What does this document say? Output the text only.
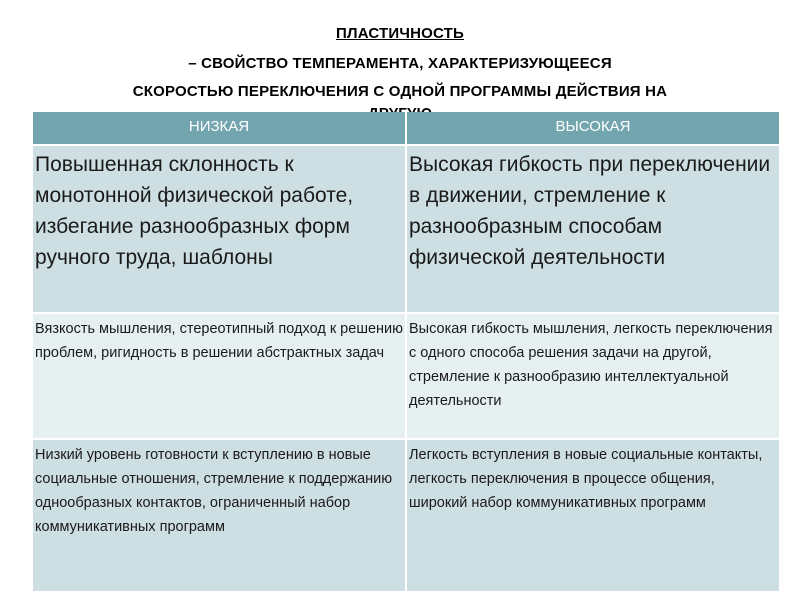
ПЛАСТИЧНОСТЬ
– СВОЙСТВО ТЕМПЕРАМЕНТА, ХАРАКТЕРИЗУЮЩЕЕСЯ
СКОРОСТЬЮ ПЕРЕКЛЮЧЕНИЯ С ОДНОЙ ПРОГРАММЫ ДЕЙСТВИЯ НА
НИЗКАЯ	ВЫСОКАЯ
Повышенная склонность к монотонной физической работе, избегание разнообразных форм ручного труда, шаблоны
Высокая гибкость при переключении в движении, стремление к разнообразным способам физической деятельности
Вязкость мышления, стереотипный подход к решению проблем, ригидность в решении абстрактных задач
Высокая гибкость мышления, легкость переключения с одного способа решения задачи на другой, стремление к разнообразию интеллектуальной деятельности
Низкий уровень готовности к вступлению в новые социальные отношения, стремление к поддержанию однообразных контактов, ограниченный набор коммуникативных программ
Легкость вступления в новые социальные контакты, легкость переключения в процессе общения, широкий набор коммуникативных программ
